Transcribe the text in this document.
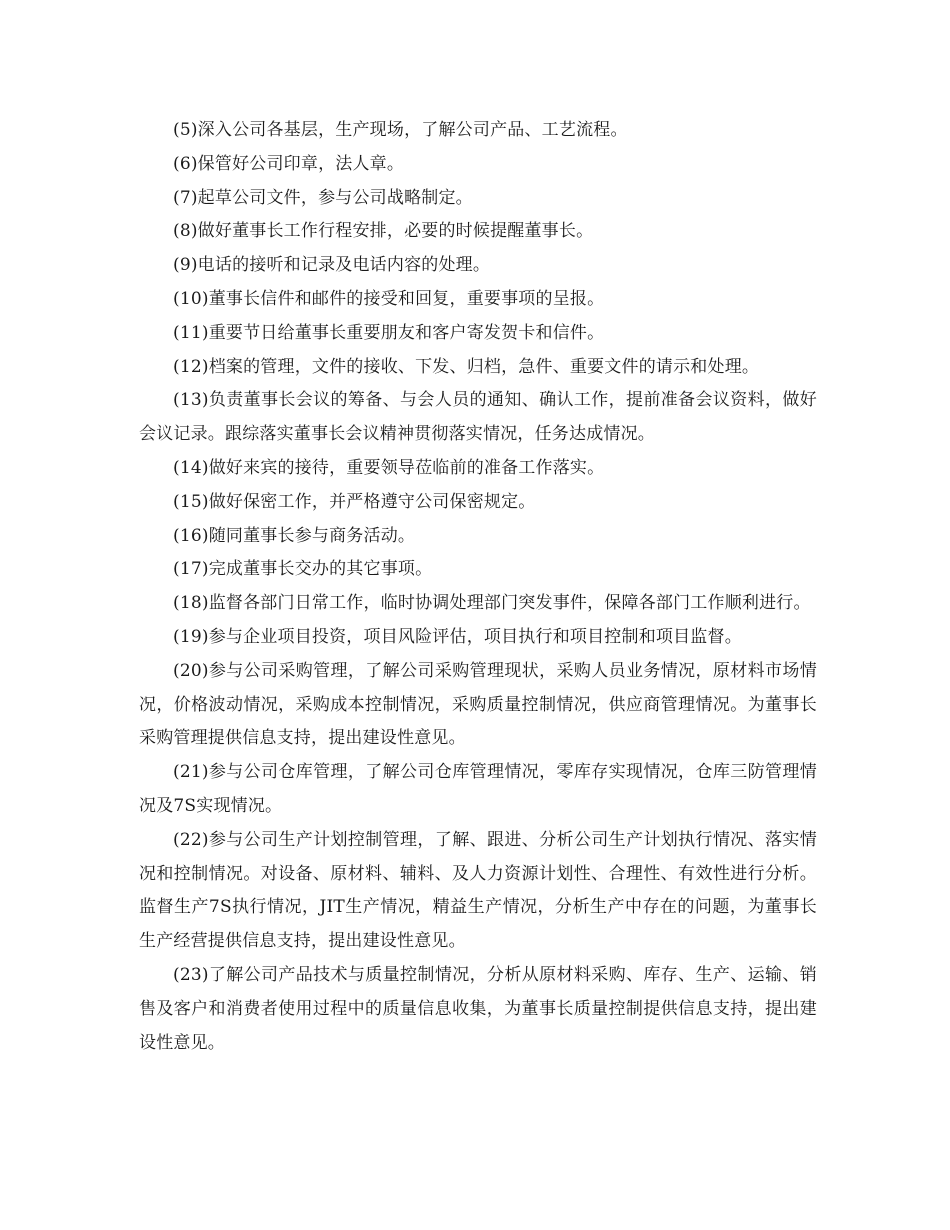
(5)深入公司各基层，生产现场，了解公司产品、工艺流程。

(6)保管好公司印章，法人章。

(7)起草公司文件，参与公司战略制定。

(8)做好董事长工作行程安排，必要的时候提醒董事长。

(9)电话的接听和记录及电话内容的处理。

(10)董事长信件和邮件的接受和回复，重要事项的呈报。

(11)重要节日给董事长重要朋友和客户寄发贺卡和信件。

(12)档案的管理，文件的接收、下发、归档，急件、重要文件的请示和处理。

(13)负责董事长会议的筹备、与会人员的通知、确认工作，提前准备会议资料，做好会议记录。跟综落实董事长会议精神贯彻落实情况，任务达成情况。

(14)做好来宾的接待，重要领导莅临前的准备工作落实。

(15)做好保密工作，并严格遵守公司保密规定。

(16)随同董事长参与商务活动。

(17)完成董事长交办的其它事项。

(18)监督各部门日常工作，临时协调处理部门突发事件，保障各部门工作顺利进行。

(19)参与企业项目投资，项目风险评估，项目执行和项目控制和项目监督。

(20)参与公司采购管理，了解公司采购管理现状，采购人员业务情况，原材料市场情况，价格波动情况，采购成本控制情况，采购质量控制情况，供应商管理情况。为董事长采购管理提供信息支持，提出建设性意见。

(21)参与公司仓库管理，了解公司仓库管理情况，零库存实现情况，仓库三防管理情况及7S实现情况。

(22)参与公司生产计划控制管理，了解、跟进、分析公司生产计划执行情况、落实情况和控制情况。对设备、原材料、辅料、及人力资源计划性、合理性、有效性进行分析。监督生产7S执行情况，JIT生产情况，精益生产情况，分析生产中存在的问题，为董事长生产经营提供信息支持，提出建设性意见。

(23)了解公司产品技术与质量控制情况，分析从原材料采购、库存、生产、运输、销售及客户和消费者使用过程中的质量信息收集，为董事长质量控制提供信息支持，提出建设性意见。
